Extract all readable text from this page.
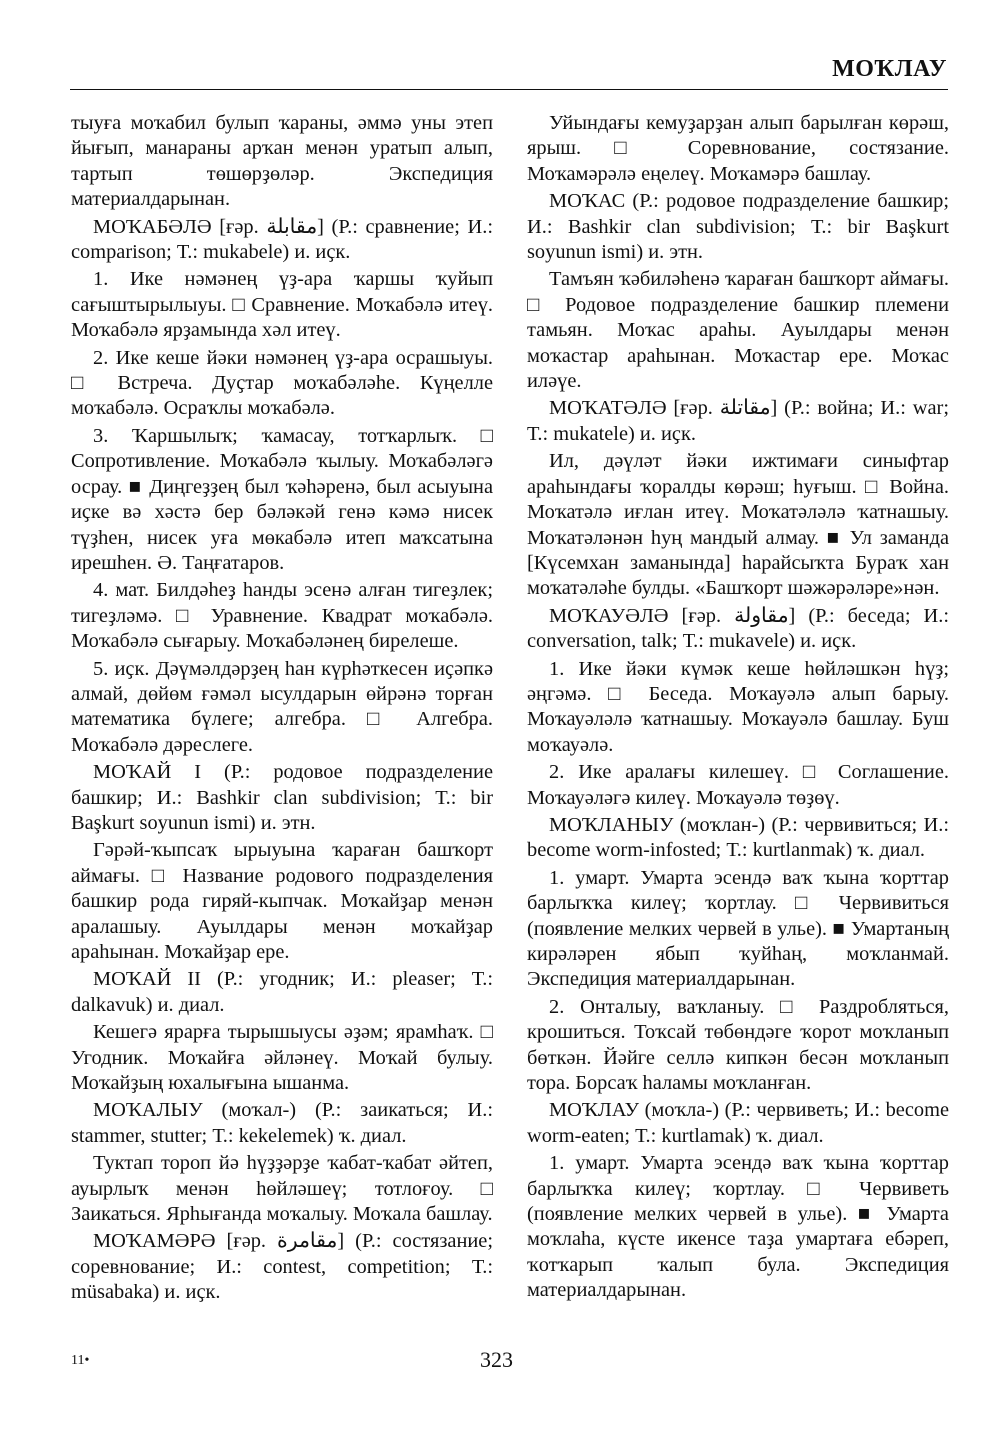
МОҠЛАУ

тыуға моҡабил булып ҡараны, әммә уны этеп йығып, манараны арҡан менән уратып алып, тартып төшөрҙөләр. Экспедиция материалдарынан.

МОҠАБӘЛӘ [ғәр. مقابلة] (Р.: сравнение; И.: comparison; Т.: mukabele) и. иҫк.

1. Ике нәмәнең үҙ-ара ҡаршы ҡуйып сағыштырылыуы. □ Сравнение. Моҡабәлә итеү. Моҡабәлә ярҙамында хәл итеү.

2. Ике кеше йәки нәмәнең үҙ-ара осрашыуы. □ Встреча. Дуҫтар моҡабәләһе. Күңелле моҡабәлә. Осраҡлы моҡабәлә.

3. Ҡаршылыҡ; ҡамасау, тотҡарлыҡ. □ Сопротивление. Моҡабәлә ҡылыу. Моҡабәләгә осрау. ■ Диңгеҙҙең был ҡәһәренә, был асыуына иҫке вә хәстә бер бәләкәй генә кәмә нисек түҙһен, нисек уға мөкабәлә итеп маҡсатына ирешһен. Ә. Таңғатаров.

4. мат. Билдәһеҙ һанды эсенә алған тигеҙлек; тигеҙләмә. □ Уравнение. Квадрат моҡабәлә. Моҡабәлә сығарыу. Моҡабәләнең бирелеше.

5. иҫк. Дәүмәлдәрҙең һан күрһәткесен иҫәпкә алмай, дөйөм ғәмәл ысулдарын өйрәнә торған математика бүлеге; алгебра. □ Алгебра. Моҡабәлә дәреслеге.

МОҠАЙ I (Р.: родовое подразделение башкир; И.: Bashkir clan subdivision; Т.: bir Başkurt soyunun ismi) и. этн.

Гәрәй-ҡыпсаҡ ырыуына ҡараған башҡорт аймағы. □ Название родового подразделения башкир рода гиряй-кыпчак. Моҡайҙар менән аралашыу. Ауылдары менән моҡайҙар араһынан. Моҡайҙар ере.

МОҠАЙ II (Р.: угодник; И.: pleaser; Т.: dalkavuk) и. диал.

Кешегә ярарға тырышыусы әҙәм; ярамһаҡ. □ Угодник. Моҡайға әйләнеү. Моҡай булыу. Моҡайҙың юхалығына ышанма.

МОҠАЛЫУ (моҡал-) (Р.: заикаться; И.: stammer, stutter; Т.: kekelemek) ҡ. диал.

Туктап тороп йә һүҙҙәрҙе ҡабат-ҡабат әйтеп, ауырлыҡ менән һөйләшеү; тотлоғоу. □ Заикаться. Ярһығанда моҡалыу. Моҡала башлау.

МОҠАМӘРӘ [ғәр. مقامرة] (Р.: состязание; соревнование; И.: contest, competition; Т.: müsabaka) и. иҫк.

Уйындағы кемуҙарҙан алып барылған көрәш, ярыш. □ Соревнование, состязание. Моҡамәрәлә еңелеү. Моҡамәрә башлау.

МОҠАС (Р.: родовое подразделение башкир; И.: Bashkir clan subdivision; Т.: bir Başkurt soyunun ismi) и. этн.

Тамъян ҡәбиләһенә ҡараған башҡорт аймағы. □ Родовое подразделение башкир племени тамьян. Моҡас араһы. Ауылдары менән моҡастар араһынан. Моҡастар ере. Моҡас иләүе.

МОҠАТӘЛӘ [ғәр. مقاتلة] (Р.: война; И.: war; Т.: mukatele) и. иҫк.

Ил, дәүләт йәки ижтимағи синыфтар араһындағы ҡоралды көрәш; һуғыш. □ Война. Моҡатәлә иғлан итеү. Моҡатәләлә ҡатнашыу. Моҡатәләнән һуң мандый алмау. ■ Ул заманда [Күсемхан заманында] һарайсыҡта Бураҡ хан моҡатәләһе булды. «Башҡорт шәжәрәләре»нән.

МОҠАУӘЛӘ [ғәр. مقاولة] (Р.: беседа; И.: conversation, talk; Т.: mukavele) и. иҫк.

1. Ике йәки күмәк кеше һөйләшкән һүҙ; әңгәмә. □ Беседа. Моҡауәлә алып барыу. Моҡауәләлә ҡатнашыу. Моҡауәлә башлау. Буш моҡауәлә.

2. Ике аралағы килешеү. □ Соглашение. Моҡауәләгә килеү. Моҡауәлә төҙөү.

МОҠЛАНЫУ (моҡлан-) (Р.: червивиться; И.: become worm-infosted; Т.: kurtlanmak) ҡ. диал.

1. умарт. Умарта эсендә ваҡ ҡына ҡорттар барлыҡҡа килеү; ҡортлау. □ Червивиться (появление мелких червей в улье). ■ Умартаның кирәләрен ябып ҡуйһаң, моҡланмай. Экспедиция материалдарынан.

2. Онталыу, ваҡланыу. □ Раздробляться, крошиться. Тоҡсай төбөндәге ҡорот моҡланып бөткән. Йәйге селлә кипкән бесән моҡланып тора. Борсаҡ һаламы моҡланған.

МОҠЛАУ (моҡла-) (Р.: червиветь; И.: become worm-eaten; Т.: kurtlamak) ҡ. диал.

1. умарт. Умарта эсендә ваҡ ҡына ҡорттар барлыҡҡа килеү; ҡортлау. □ Червиветь (появление мелких червей в улье). ■ Умарта моҡлаһа, күсте икенсе таҙа умартаға ебәреп, ҡотҡарып ҡалып була. Экспедиция материалдарынан.

11•	323
